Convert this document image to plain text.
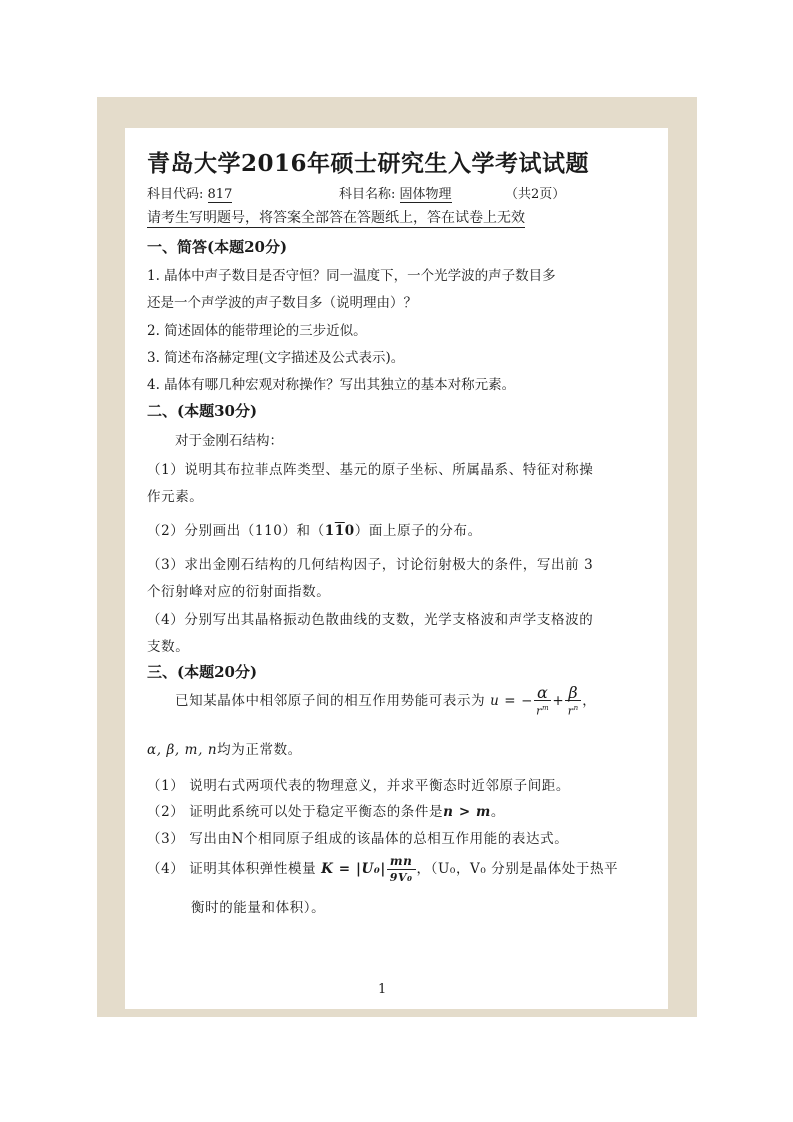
青岛大学2016年硕士研究生入学考试试题
科目代码: 817	科目名称: 固体物理	（共2页）
请考生写明题号，将答案全部答在答题纸上，答在试卷上无效
一、简答(本题20分)
1. 晶体中声子数目是否守恒？同一温度下，一个光学波的声子数目多
还是一个声学波的声子数目多（说明理由）？
2. 简述固体的能带理论的三步近似。
3. 简述布洛赫定理(文字描述及公式表示)。
4. 晶体有哪几种宏观对称操作？写出其独立的基本对称元素。
二、(本题30分)
对于金刚石结构：
（1）说明其布拉菲点阵类型、基元的原子坐标、所属晶系、特征对称操
作元素。
（2）分别画出（110）和（110）面上原子的分布。
（3）求出金刚石结构的几何结构因子，讨论衍射极大的条件，写出前 3
个衍射峰对应的衍射面指数。
（4）分别写出其晶格振动色散曲线的支数，光学支格波和声学支格波的
支数。
三、(本题20分)
已知某晶体中相邻原子间的相互作用势能可表示为 u = − $\frac{\alpha}{r^m} + \frac{\beta}{r^n}$ ，
α, β, m, n均为正常数。
（1） 说明右式两项代表的物理意义，并求平衡态时近邻原子间距。
（2） 证明此系统可以处于稳定平衡态的条件是n > m。
（3） 写出由N个相同原子组成的该晶体的总相互作用能的表达式。
（4） 证明其体积弹性模量 $K = |U_0| \frac{mn}{\text{9V₀}}$ ，（U₀，V₀ 分别是晶体处于热平
衡时的能量和体积）。
1
